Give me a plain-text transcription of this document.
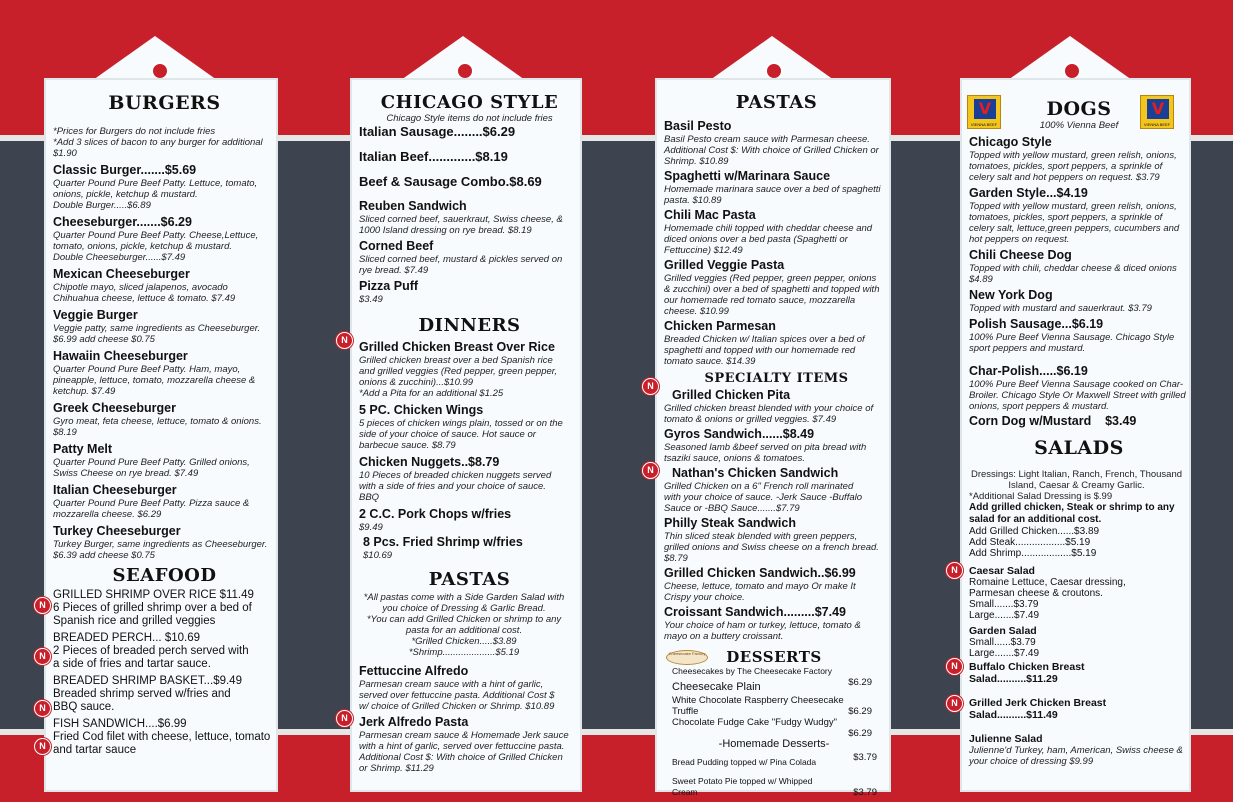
BURGERS
*Prices for Burgers do not include fries
*Add 3 slices of bacon to any burger for additional $1.90
Classic Burger.......$5.69
Quarter Pound Pure Beef Patty. Lettuce, tomato, onions, pickle, ketchup & mustard.
Double Burger.....$6.89
Cheeseburger.......$6.29
Quarter Pound Pure Beef Patty. Cheese,Lettuce, tomato, onions, pickle, ketchup & mustard.
Double Cheeseburger......$7.49
Mexican Cheeseburger
Chipotle mayo, sliced jalapenos, avocado Chihuahua cheese, lettuce & tomato. $7.49
Veggie Burger
Veggie patty, same ingredients as Cheeseburger. $6.99 add cheese $0.75
Hawaiin Cheeseburger
Quarter Pound Pure Beef Patty. Ham, mayo, pineapple, lettuce, tomato, mozzarella cheese & ketchup. $7.49
Greek Cheeseburger
Gyro meat, feta cheese, lettuce, tomato & onions. $8.19
Patty Melt
Quarter Pound Pure Beef Patty. Grilled onions, Swiss Cheese on rye bread. $7.49
Italian Cheeseburger
Quarter Pound Pure Beef Patty. Pizza sauce & mozzarella cheese. $6.29
Turkey Cheeseburger
Turkey Burger, same ingredients as Cheeseburger. $6.39 add cheese $0.75
SEAFOOD
GRILLED SHRIMP OVER RICE $11.49
6 Pieces of grilled shrimp over a bed of Spanish rice and grilled veggies
BREADED PERCH... $10.69
2 Pieces of breaded perch served with a side of fries and tartar sauce.
BREADED SHRIMP BASKET...$9.49
Breaded shrimp served w/fries and BBQ sauce.
FISH SANDWICH....$6.99
Fried Cod filet with cheese, lettuce, tomato and tartar sauce
N
N
N
N
CHICAGO STYLE
Chicago Style items do not include fries
Italian Sausage........$6.29
Italian Beef.............$8.19
Beef & Sausage Combo.$8.69
Reuben Sandwich
Sliced corned beef, sauerkraut, Swiss cheese, & 1000 Island dressing on rye bread. $8.19
Corned Beef
Sliced corned beef, mustard & pickles served on rye bread. $7.49
Pizza Puff
$3.49
DINNERS
Grilled Chicken Breast Over Rice
Grilled chicken breast over a bed Spanish rice and grilled veggies (Red pepper, green pepper, onions & zucchini)...$10.99
*Add a Pita for an additional $1.25
5 PC. Chicken Wings
5 pieces of chicken wings plain, tossed or on the side of your choice of sauce. Hot sauce or barbecue sauce. $8.79
Chicken Nuggets..$8.79
10 Pieces of breaded chicken nuggets served with a side of fries and your choice of sauce. BBQ
2 C.C. Pork Chops w/fries
$9.49
8 Pcs. Fried Shrimp w/fries
$10.69
PASTAS
*All pastas come with a Side Garden Salad with you choice of Dressing & Garlic Bread.
*You can add Grilled Chicken or shrimp to any pasta for an additional cost.
*Grilled Chicken.....$3.89
*Shrimp....................$5.19
Fettuccine Alfredo
Parmesan cream sauce with a hint of garlic, served over fettuccine pasta. Additional Cost $ w/ choice of Grilled Chicken or Shrimp. $10.89
Jerk Alfredo Pasta
Parmesan cream sauce & Homemade Jerk sauce with a hint of garlic, served over fettuccine pasta. Additional Cost $: With choice of Grilled Chicken or Shrimp. $11.29
N
N
PASTAS
Basil Pesto
Basil Pesto cream sauce with Parmesan cheese. Additional Cost $: With choice of Grilled Chicken or Shrimp. $10.89
Spaghetti w/Marinara Sauce
Homemade marinara sauce over a bed of spaghetti pasta. $10.89
Chili Mac Pasta
Homemade chili topped with cheddar cheese and diced onions over a bed pasta (Spaghetti or Fettuccine) $12.49
Grilled Veggie Pasta
Grilled veggies (Red pepper, green pepper, onions & zucchini) over a bed of spaghetti and topped with our homemade red tomato sauce, mozzarella cheese. $10.99
Chicken Parmesan
Breaded Chicken w/ Italian spices over a bed of spaghetti and topped with our homemade red tomato sauce. $14.39
SPECIALTY ITEMS
Grilled Chicken Pita
Grilled chicken breast blended with your choice of tomato & onions or grilled veggies. $7.49
Gyros Sandwich......$8.49
Seasoned lamb &beef served on pita bread with tsaziki sauce, onions & tomatoes.
Nathan's Chicken Sandwich
Grilled Chicken on a 6" French roll marinated with your choice of sauce. -Jerk Sauce -Buffalo Sauce or -BBQ Sauce.......$7.79
Philly Steak Sandwich
Thin sliced steak blended with green peppers, grilled onions and Swiss cheese on a french bread. $8.79
Grilled Chicken Sandwich..$6.99
Cheese, lettuce, tomato and mayo Or make It Crispy your choice.
Croissant Sandwich.........$7.49
Your choice of ham or turkey, lettuce, tomato & mayo on a buttery croissant.
Cheesecake Factory	DESSERTS
Cheesecakes by The Cheesecake Factory
Cheesecake Plain	$6.29
White Chocolate Raspberry Cheesecake Truffle	$6.29
Chocolate Fudge Cake "Fudgy Wudgy"
$6.29
-Homemade Desserts-
Bread Pudding topped w/ Pina Colada	$3.79
Sweet Potato Pie topped w/ Whipped Cream	$3.79
N
N
V
VIENNA BEEF
V
VIENNA BEEF
DOGS
100% Vienna Beef
Chicago Style
Topped with yellow mustard, green relish, onions, tomatoes, pickles, sport peppers, a sprinkle of celery salt and hot peppers on request. $3.79
Garden Style...$4.19
Topped with yellow mustard, green relish, onions, tomatoes, pickles, sport peppers, a sprinkle of celery salt, lettuce,green peppers, cucumbers and hot peppers on request.
Chili Cheese Dog
Topped with chili, cheddar cheese & diced onions $4.89
New York Dog
Topped with mustard and sauerkraut. $3.79
Polish Sausage...$6.19
100% Pure Beef Vienna Sausage. Chicago Style sport peppers and mustard.
Char-Polish.....$6.19
100% Pure Beef Vienna Sausage cooked on Char-Broiler. Chicago Style Or Maxwell Street with grilled onions, sport peppers & mustard.
Corn Dog w/Mustard    $3.49
SALADS
Dressings: Light Italian, Ranch, French, Thousand Island, Caesar & Creamy Garlic.
*Additional Salad Dressing is $.99
Add grilled chicken, Steak or shrimp to any salad for an additional cost.
Add Grilled Chicken......$3.89
Add Steak..................$5.19
Add Shrimp..................$5.19
Caesar Salad
Romaine Lettuce, Caesar dressing, Parmesan cheese & croutons.
Small.......$3.79
Large.......$7.49
Garden Salad
Small......$3.79
Large.......$7.49
Buffalo Chicken Breast
Salad..........$11.29
Grilled Jerk Chicken Breast
Salad..........$11.49
Julienne Salad
Julienne'd Turkey, ham, American, Swiss cheese & your choice of dressing $9.99
N
N
N
